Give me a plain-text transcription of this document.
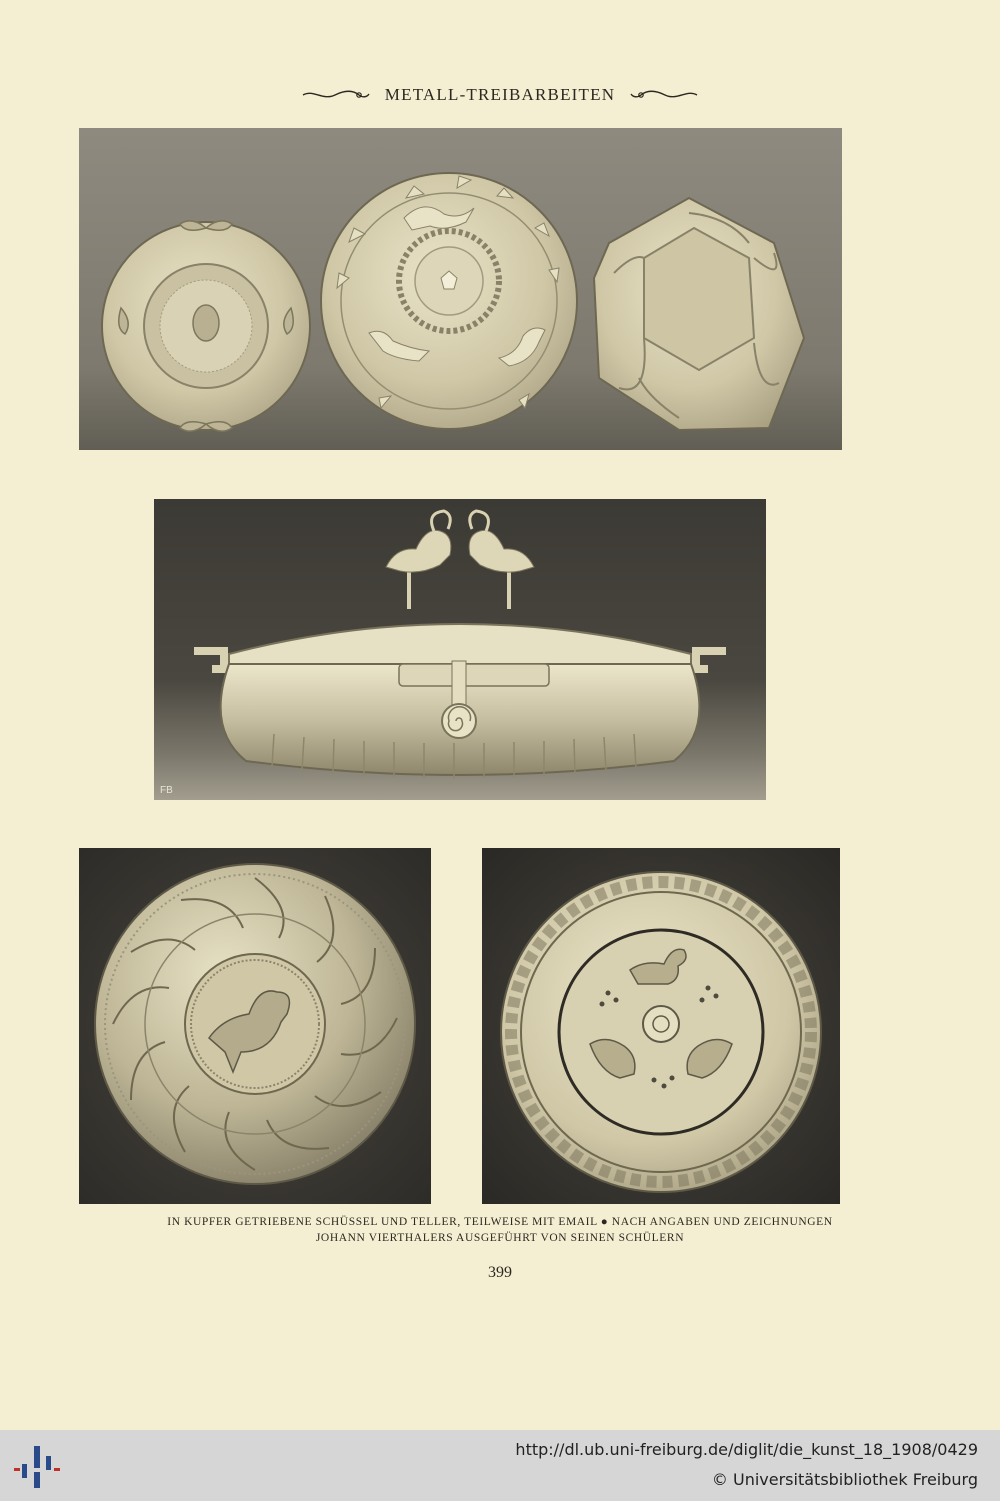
METALL-TREIBARBEITEN
FB
IN KUPFER GETRIEBENE SCHÜSSEL UND TELLER, TEILWEISE MIT EMAIL ● NACH ANGABEN UND ZEICHNUNGEN
JOHANN VIERTHALERS AUSGEFÜHRT VON SEINEN SCHÜLERN
399
http://dl.ub.uni-freiburg.de/diglit/die_kunst_18_1908/0429
© Universitätsbibliothek Freiburg
